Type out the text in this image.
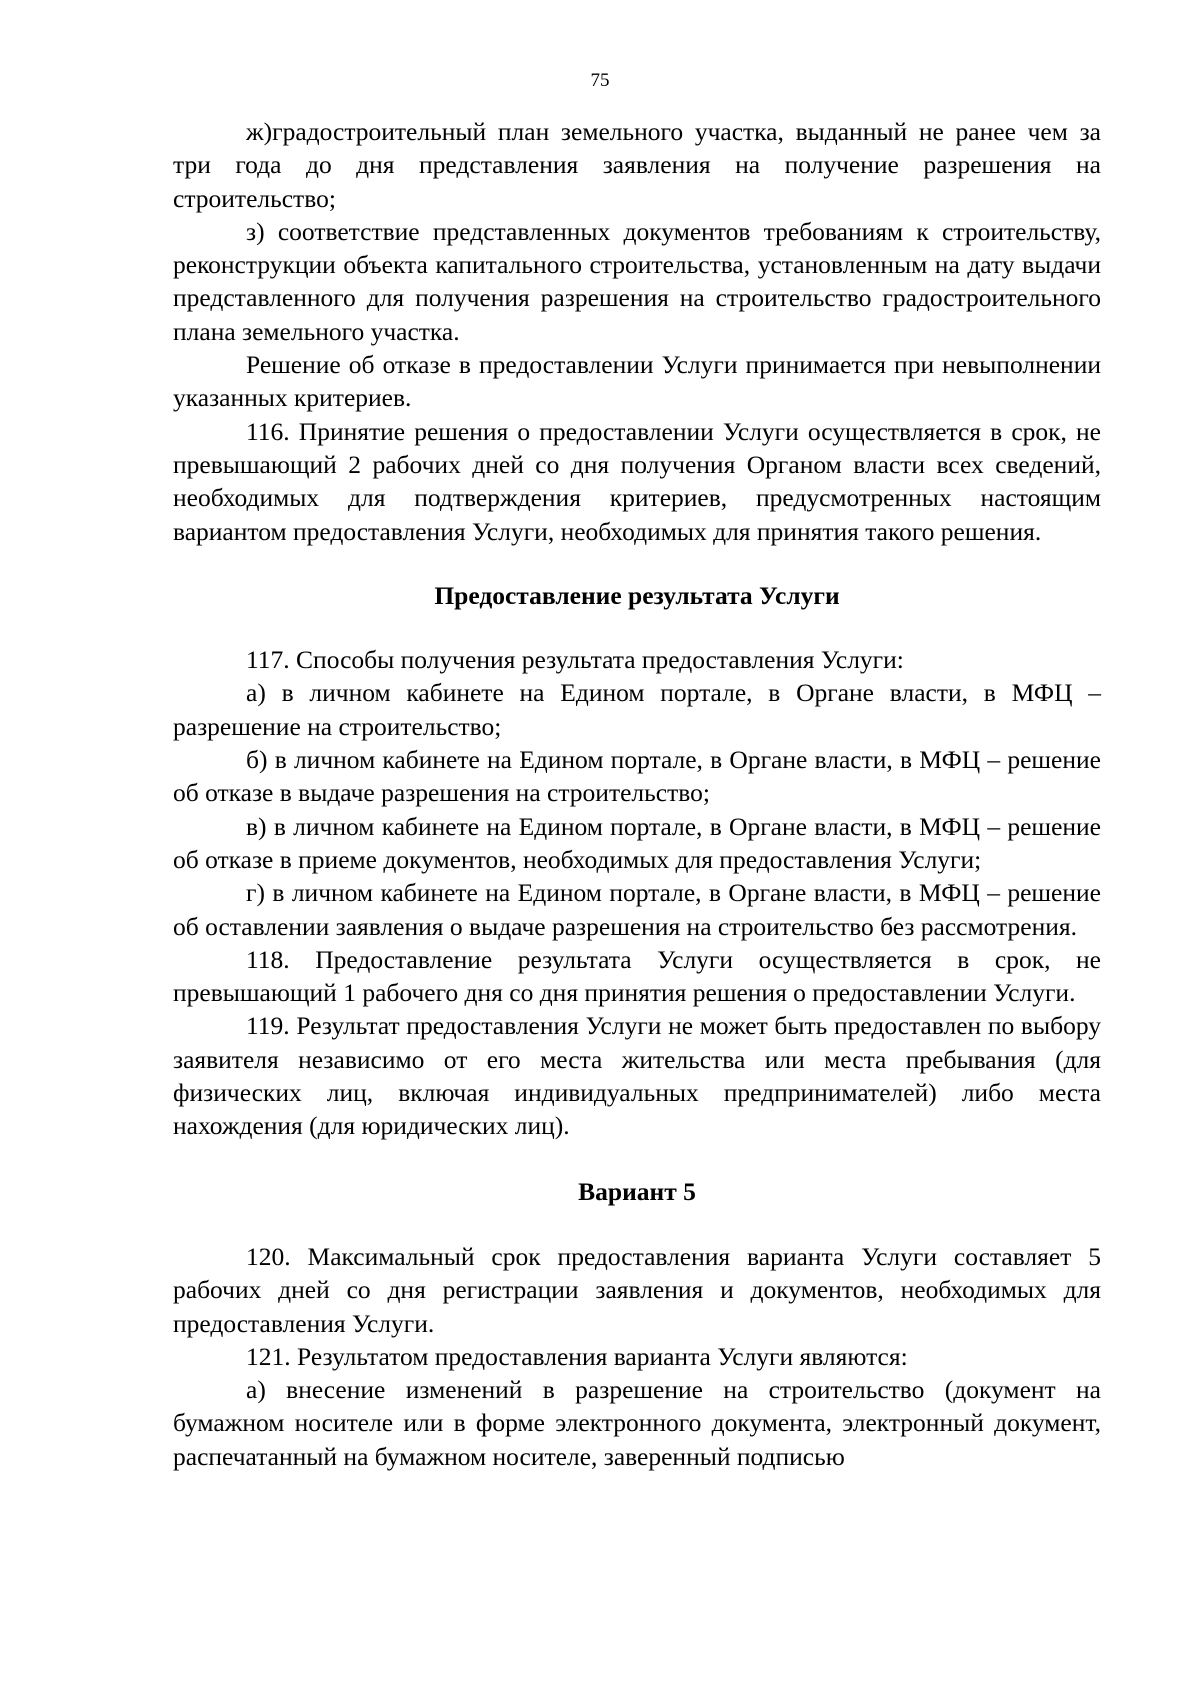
75

ж)градостроительный план земельного участка, выданный не ранее чем за три года до дня представления заявления на получение разрешения на строительство;

з) соответствие представленных документов требованиям к строительству, реконструкции объекта капитального строительства, установленным на дату выдачи представленного для получения разрешения на строительство градостроительного плана земельного участка.

Решение об отказе в предоставлении Услуги принимается при невыполнении указанных критериев.

116. Принятие решения о предоставлении Услуги осуществляется в срок, не превышающий 2 рабочих дней со дня получения Органом власти всех сведений, необходимых для подтверждения критериев, предусмотренных настоящим вариантом предоставления Услуги, необходимых для принятия такого решения.

Предоставление результата Услуги

117. Способы получения результата предоставления Услуги:

а) в личном кабинете на Едином портале, в Органе власти, в МФЦ – разрешение на строительство;

б) в личном кабинете на Едином портале, в Органе власти, в МФЦ – решение об отказе в выдаче разрешения на строительство;

в) в личном кабинете на Едином портале, в Органе власти, в МФЦ – решение об отказе в приеме документов, необходимых для предоставления Услуги;

г) в личном кабинете на Едином портале, в Органе власти, в МФЦ – решение об оставлении заявления о выдаче разрешения на строительство без рассмотрения.

118. Предоставление результата Услуги осуществляется в срок, не превышающий 1 рабочего дня со дня принятия решения о предоставлении Услуги.

119. Результат предоставления Услуги не может быть предоставлен по выбору заявителя независимо от его места жительства или места пребывания (для физических лиц, включая индивидуальных предпринимателей) либо места нахождения (для юридических лиц).

Вариант 5

120. Максимальный срок предоставления варианта Услуги составляет 5 рабочих дней со дня регистрации заявления и документов, необходимых для предоставления Услуги.

121. Результатом предоставления варианта Услуги являются:

а) внесение изменений в разрешение на строительство (документ на бумажном носителе или в форме электронного документа, электронный документ, распечатанный на бумажном носителе, заверенный подписью
